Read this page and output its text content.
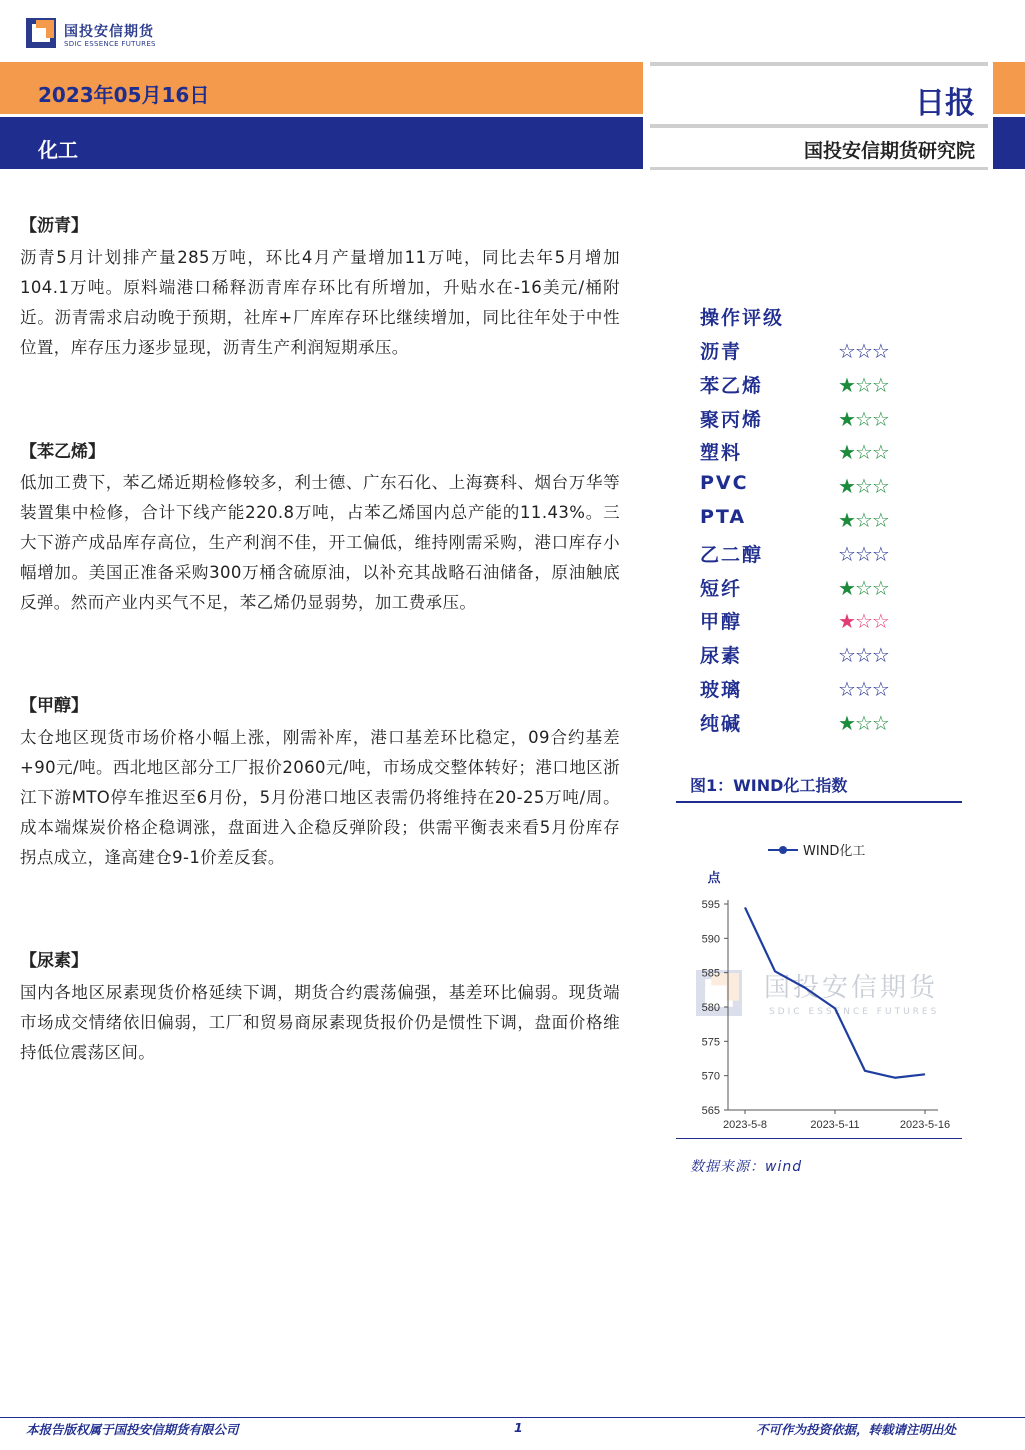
国投安信期货
SDIC ESSENCE FUTURES
2023年05月16日
化工
日报
国投安信期货研究院
【沥青】
沥青5月计划排产量285万吨，环比4月产量增加11万吨，同比去年5月增加104.1万吨。原料端港口稀释沥青库存环比有所增加，升贴水在-16美元/桶附近。沥青需求启动晚于预期，社库+厂库库存环比继续增加，同比往年处于中性位置，库存压力逐步显现，沥青生产利润短期承压。
【苯乙烯】
低加工费下，苯乙烯近期检修较多，利士德、广东石化、上海赛科、烟台万华等装置集中检修，合计下线产能220.8万吨，占苯乙烯国内总产能的11.43%。三大下游产成品库存高位，生产利润不佳，开工偏低，维持刚需采购，港口库存小幅增加。美国正准备采购300万桶含硫原油，以补充其战略石油储备，原油触底反弹。然而产业内买气不足，苯乙烯仍显弱势，加工费承压。
【甲醇】
太仓地区现货市场价格小幅上涨，刚需补库，港口基差环比稳定，09合约基差+90元/吨。西北地区部分工厂报价2060元/吨，市场成交整体转好；港口地区浙江下游MTO停车推迟至6月份，5月份港口地区表需仍将维持在20-25万吨/周。成本端煤炭价格企稳调涨，盘面进入企稳反弹阶段；供需平衡表来看5月份库存拐点成立，逢高建仓9-1价差反套。
【尿素】
国内各地区尿素现货价格延续下调，期货合约震荡偏强，基差环比偏弱。现货端市场成交情绪依旧偏弱，工厂和贸易商尿素现货报价仍是惯性下调，盘面价格维持低位震荡区间。
操作评级
沥青	☆☆☆
苯乙烯	★☆☆
聚丙烯	★☆☆
塑料	★☆☆
PVC	★☆☆
PTA	★☆☆
乙二醇	☆☆☆
短纤	★☆☆
甲醇	★☆☆
尿素	☆☆☆
玻璃	☆☆☆
纯碱	★☆☆
图1：WIND化工指数
国投安信期货
SDIC ESSENCE FUTURES
565
570
575
580
585
590
595
2023-5-8	2023-5-11	2023-5-16
点
WIND化工
数据来源：wind
本报告版权属于国投安信期货有限公司	1	不可作为投资依据，转载请注明出处
